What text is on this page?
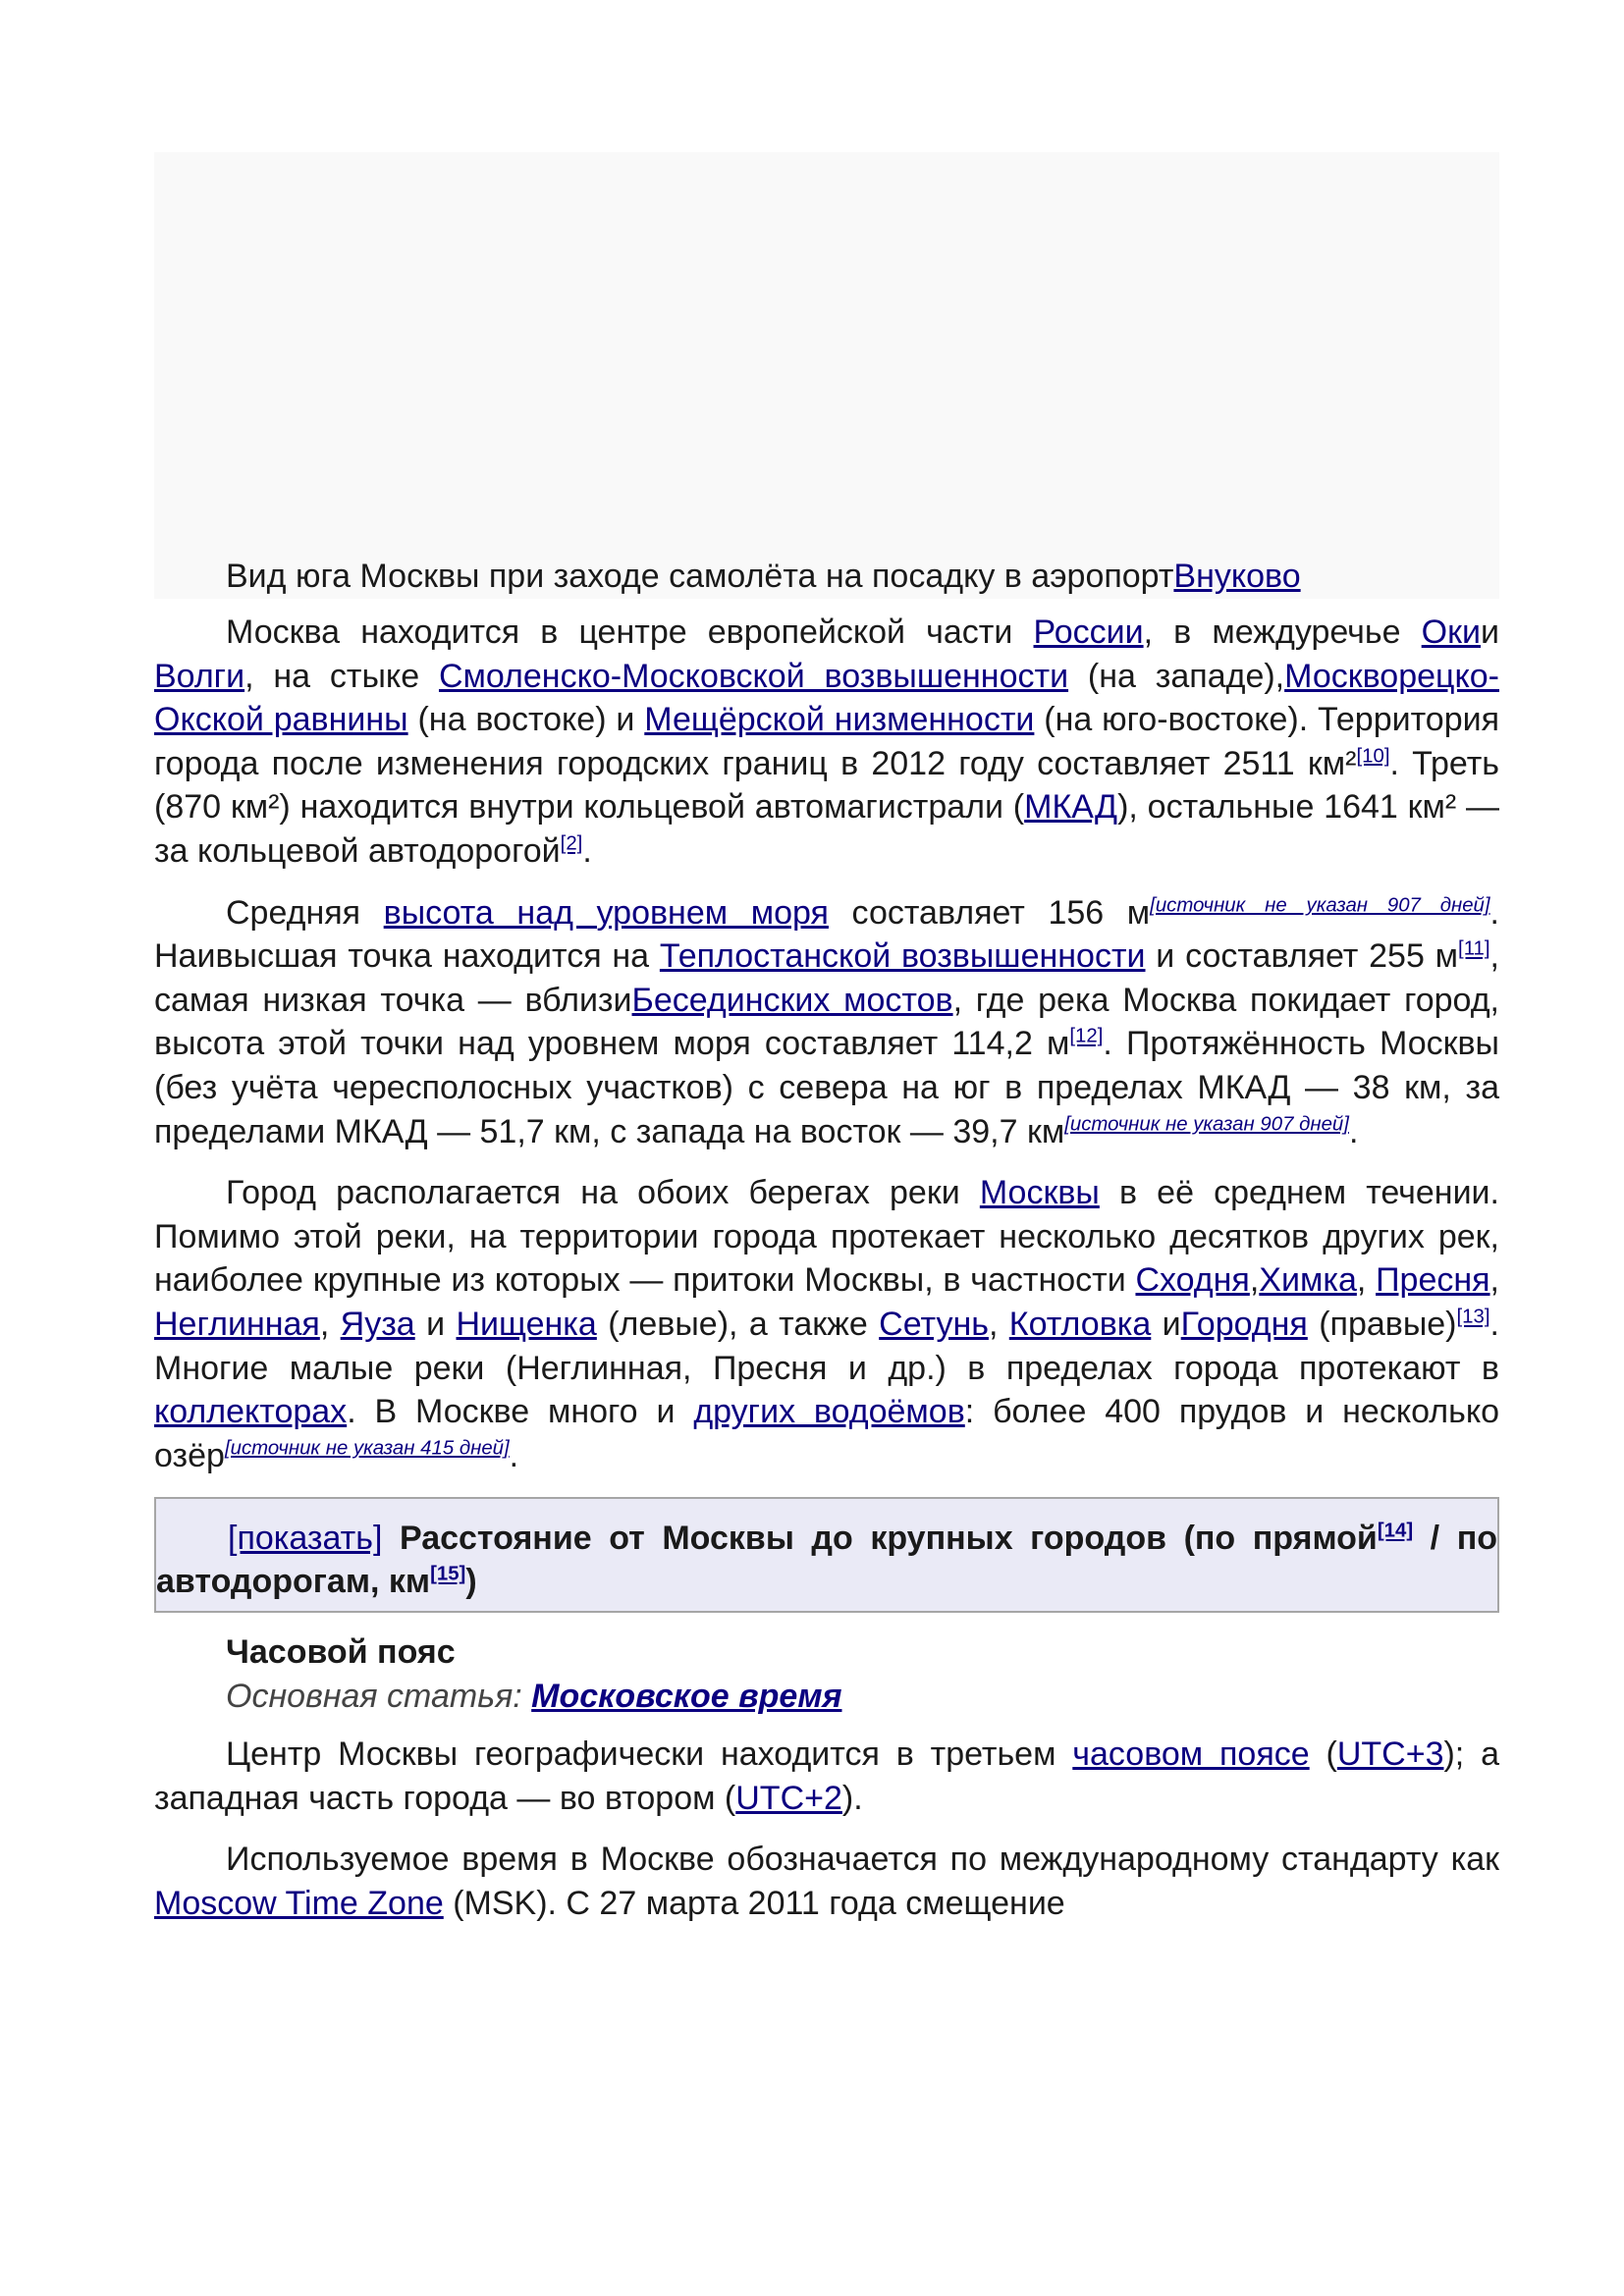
Вид юга Москвы при заходе самолёта на посадку в аэропортВнуково

Москва находится в центре европейской части России, в междуречье Окии Волги, на стыке Смоленско-Московской возвышенности (на западе),Москворецко-Окской равнины (на востоке) и Мещёрской низменности (на юго-востоке). Территория города после изменения городских границ в 2012 году составляет 2511 км²[10]. Треть (870 км²) находится внутри кольцевой автомагистрали (МКАД), остальные 1641 км² — за кольцевой автодорогой[2].

Средняя высота над уровнем моря составляет 156 м[источник не указан 907 дней]. Наивысшая точка находится на Теплостанской возвышенности и составляет 255 м[11], самая низкая точка — вблизиБесединских мостов, где река Москва покидает город, высота этой точки над уровнем моря составляет 114,2 м[12]. Протяжённость Москвы (без учёта чересполосных участков) с севера на юг в пределах МКАД — 38 км, за пределами МКАД — 51,7 км, с запада на восток — 39,7 км[источник не указан 907 дней].

Город располагается на обоих берегах реки Москвы в её среднем течении. Помимо этой реки, на территории города протекает несколько десятков других рек, наиболее крупные из которых — притоки Москвы, в частности Сходня,Химка, Пресня, Неглинная, Яуза и Нищенка (левые), а также Сетунь, Котловка иГородня (правые)[13]. Многие малые реки (Неглинная, Пресня и др.) в пределах города протекают в коллекторах. В Москве много и других водоёмов: более 400 прудов и несколько озёр[источник не указан 415 дней].

[показать] Расстояние от Москвы до крупных городов (по прямой[14] / по автодорогам, км[15])

Часовой пояс
Основная статья: Московское время

Центр Москвы географически находится в третьем часовом поясе (UTC+3); а западная часть города — во втором (UTC+2).

Используемое время в Москве обозначается по международному стандарту как Moscow Time Zone (MSK). С 27 марта 2011 года смещение
